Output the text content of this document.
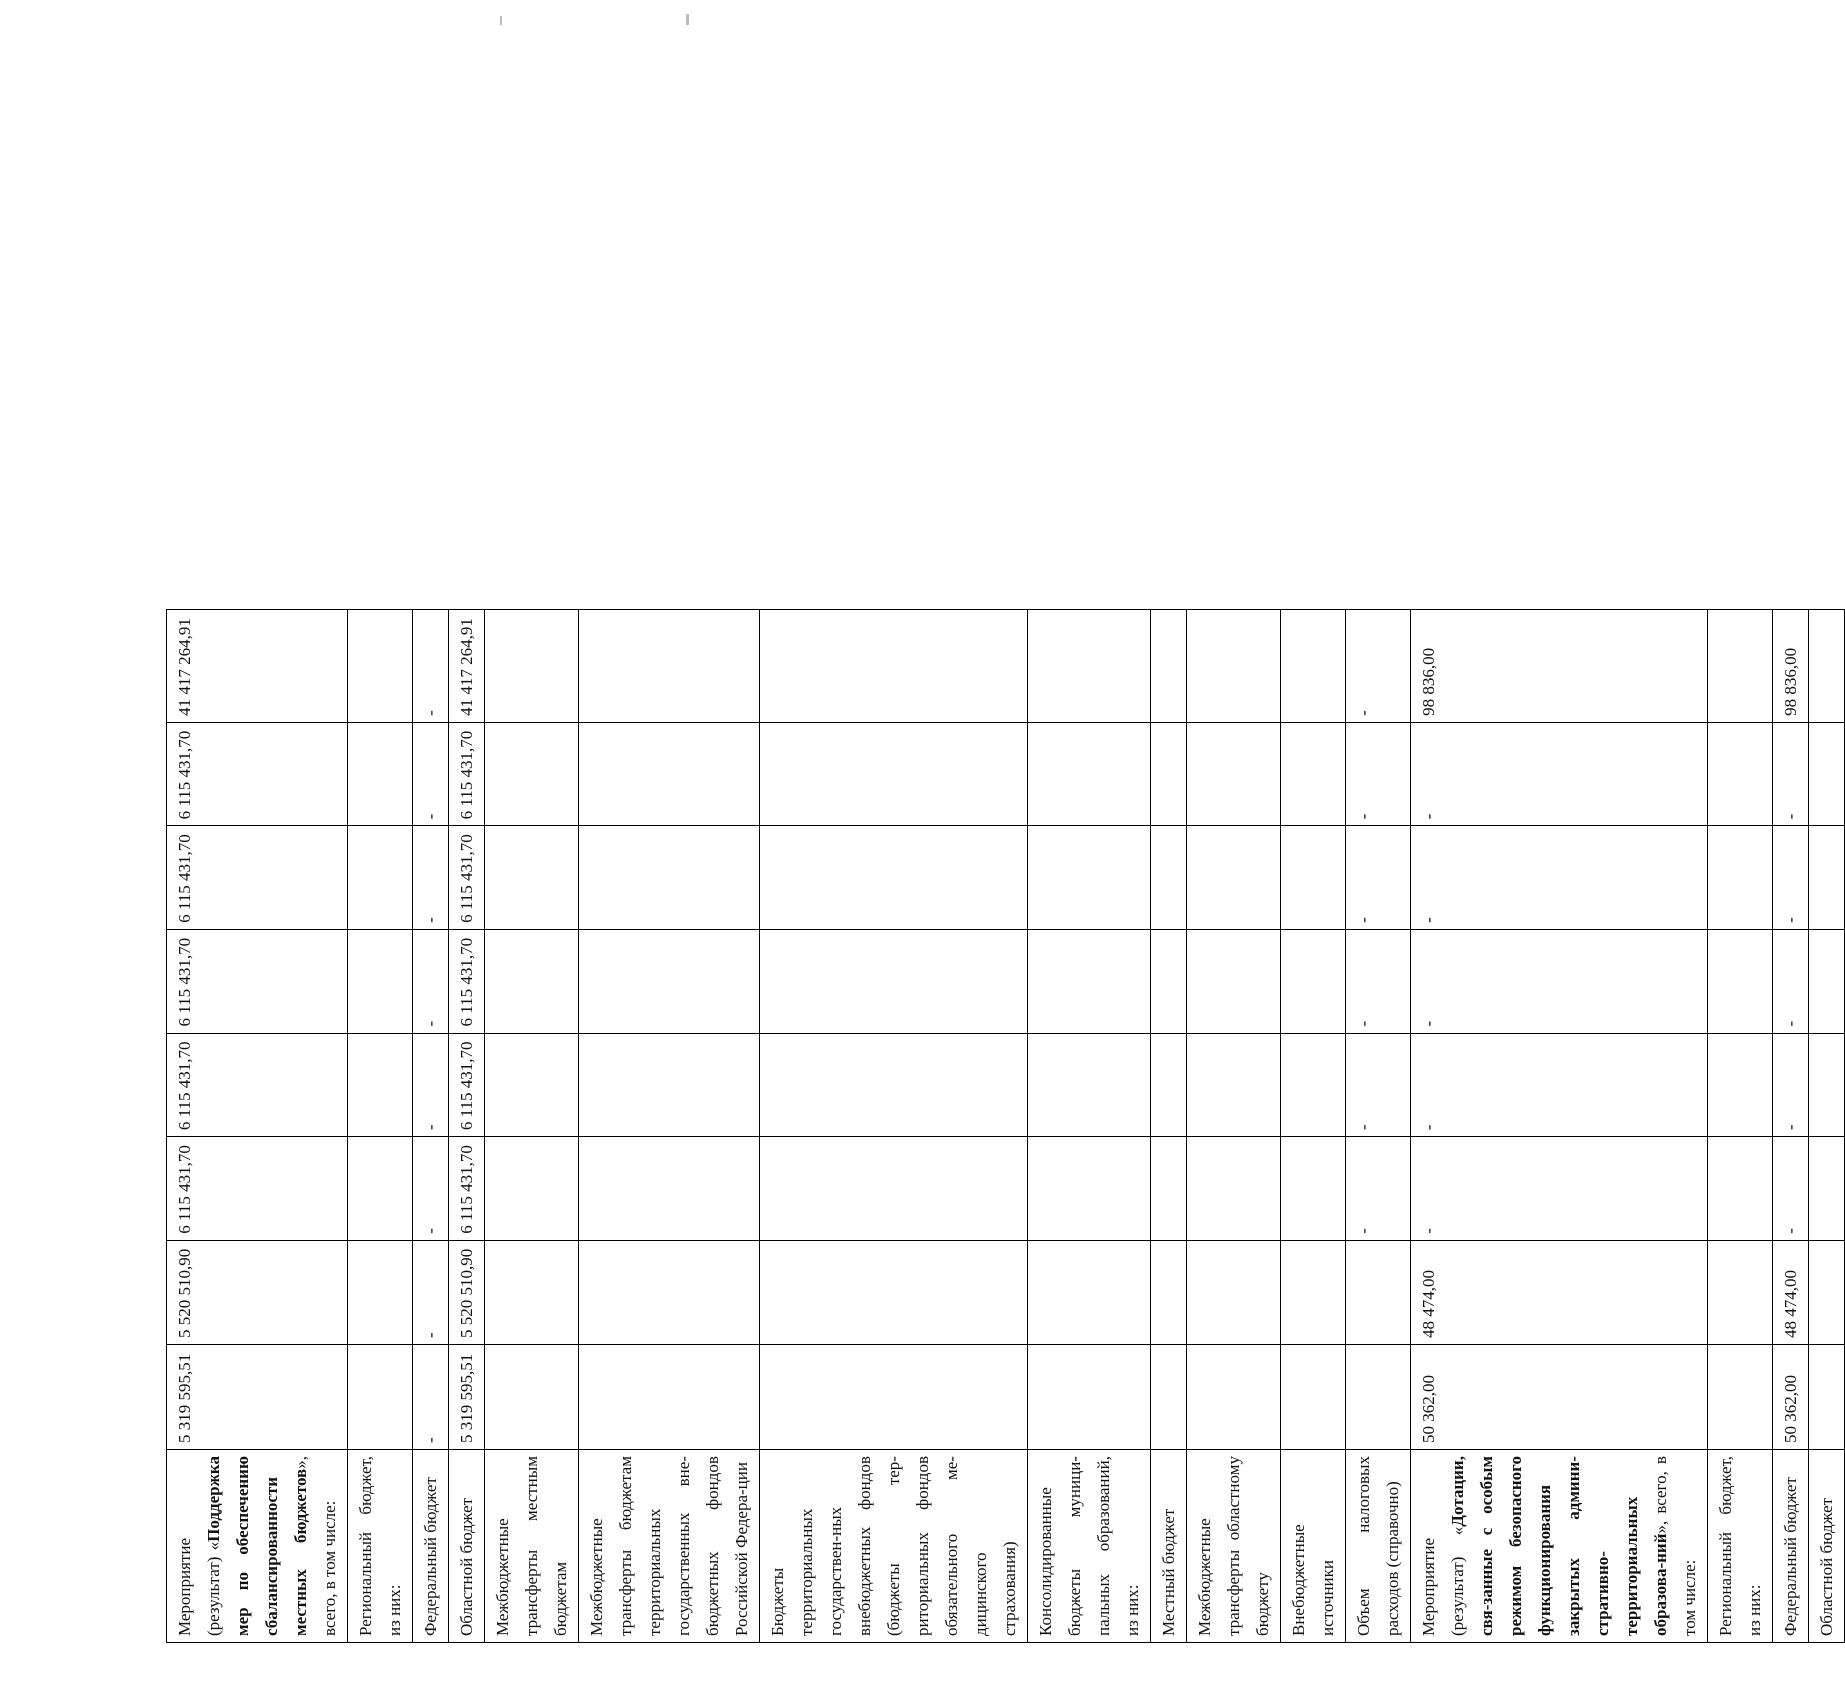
Мероприятие (результат) «Поддержка мер по обеспечению сбалансированности местных бюджетов», всего, в том числе:	5 319 595,51	5 520 510,90	6 115 431,70	6 115 431,70	6 115 431,70	6 115 431,70	6 115 431,70	41 417 264,91
Региональный бюджет, из них:								
Федеральный бюджет	-	-	-	-	-	-	-	-
Областной бюджет	5 319 595,51	5 520 510,90	6 115 431,70	6 115 431,70	6 115 431,70	6 115 431,70	6 115 431,70	41 417 264,91
Межбюджетные трансферты местным бюджетам								
Межбюджетные трансферты бюджетам территориальных государственных вне-бюджетных фондов Российской Федера-ции								
Бюджеты территориальных государствен-ных внебюджетных фондов (бюджеты тер-риториальных фондов обязательного ме-дицинского страхования)								
Консолидированные бюджеты муници-пальных образований, из них:								
Местный бюджет								
Межбюджетные трансферты областному бюджету								
Внебюджетные источники								
Объем налоговых расходов (справочно)			-	-	-	-	-	-
Мероприятие (результат) «Дотации, свя-занные с особым режимом безопасного функционирования закрытых админи-стративно-территориальных образова-ний», всего, в том числе:	50 362,00	48 474,00	-	-	-	-	-	98 836,00
Региональный бюджет, из них:								
Федеральный бюджет	50 362,00	48 474,00	-	-	-	-	-	98 836,00
Областной бюджет								
